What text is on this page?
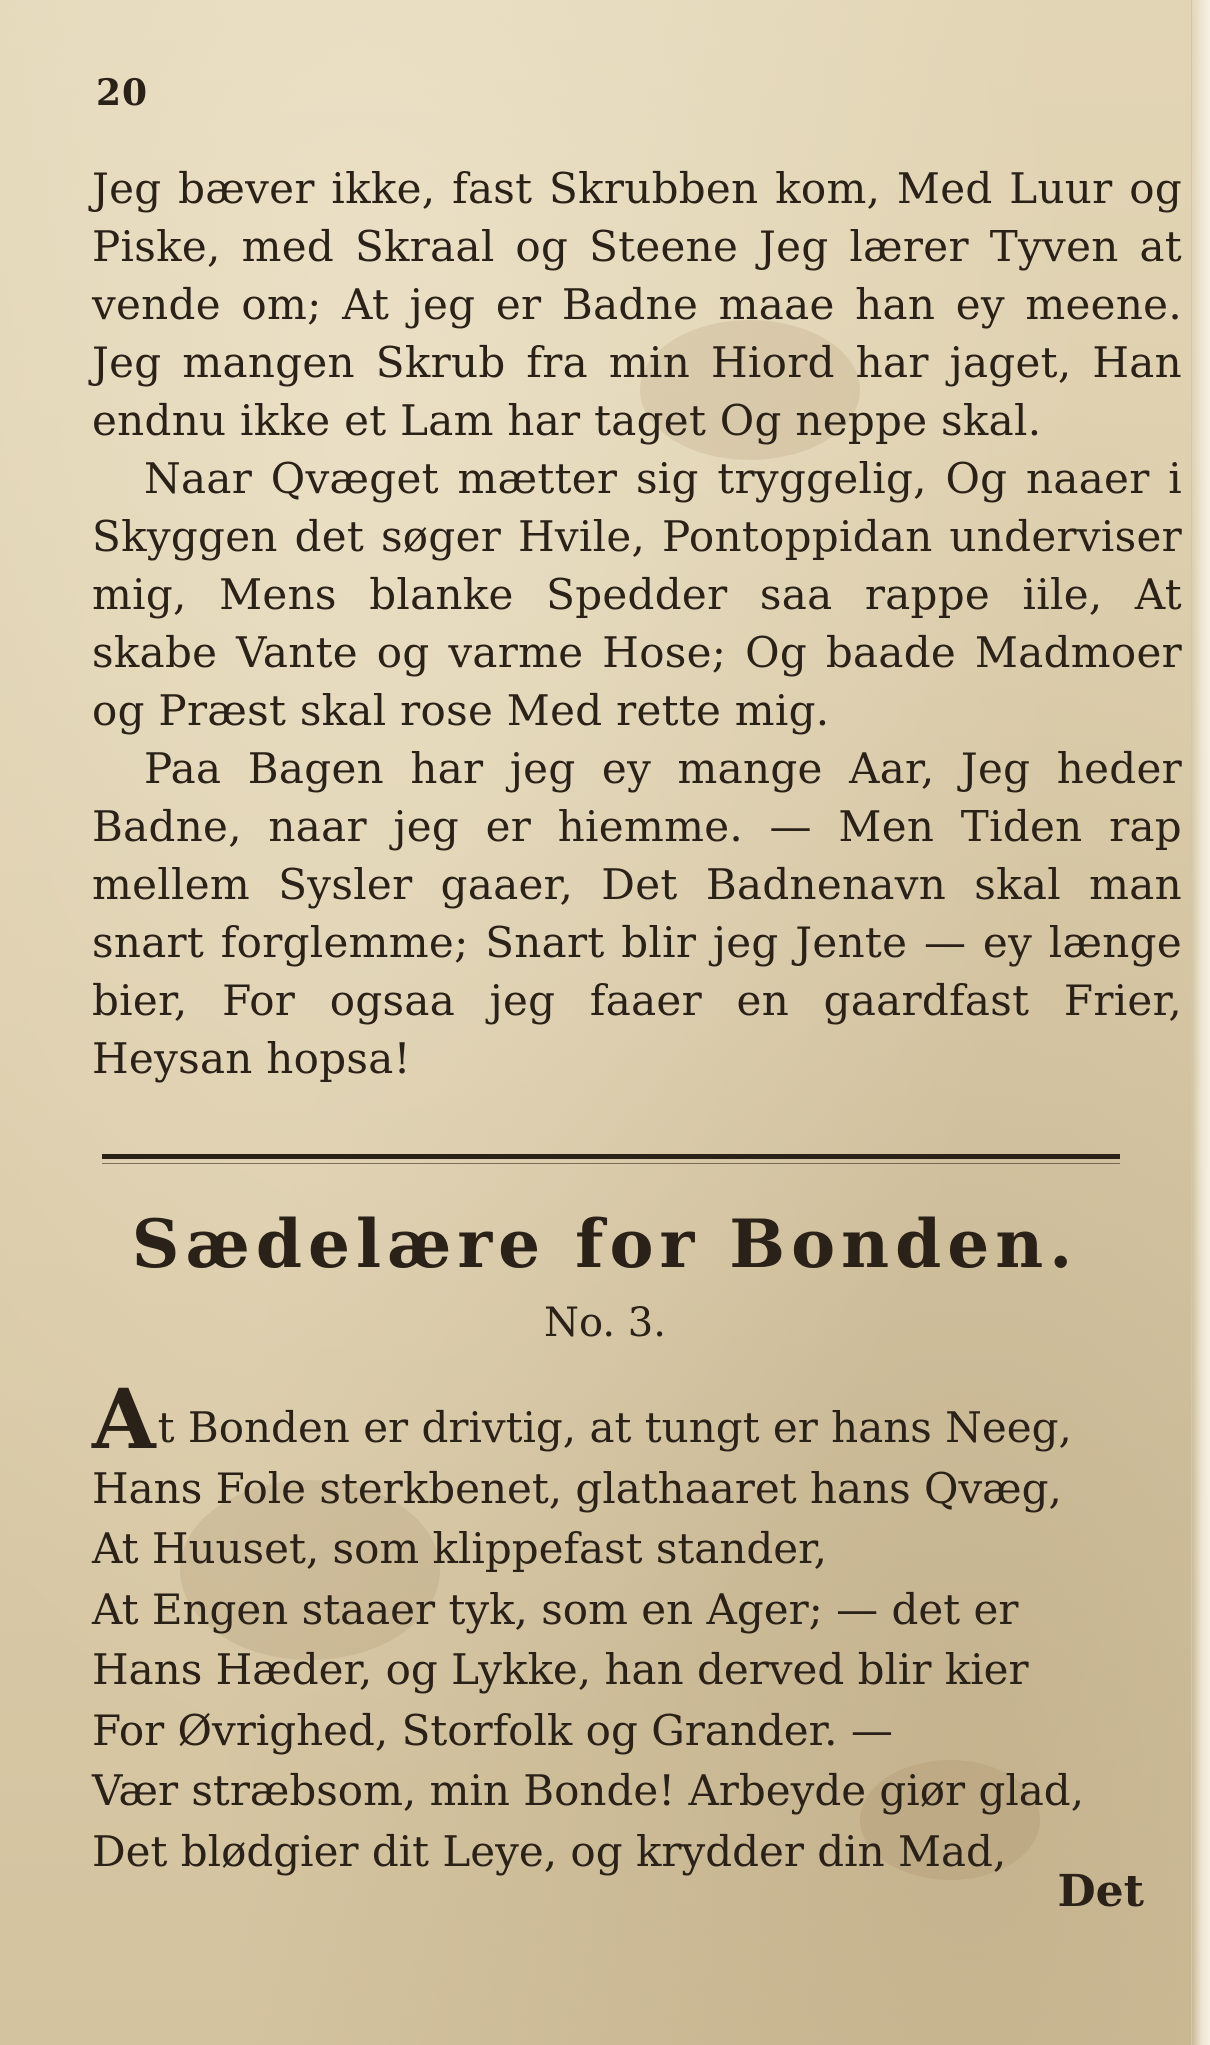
20

Jeg bæver ikke, fast Skrubben kom, Med Luur og Piske, med Skraal og Steene Jeg lærer Tyven at vende om; At jeg er Badne maae han ey meene. Jeg mangen Skrub fra min Hiord har jaget, Han endnu ikke et Lam har taget Og neppe skal.

Naar Qvæget mætter sig tryggelig, Og naaer i Skyggen det søger Hvile, Pontoppidan underviser mig, Mens blanke Spedder saa rappe iile, At skabe Vante og varme Hose; Og baade Madmoer og Præst skal rose Med rette mig.

Paa Bagen har jeg ey mange Aar, Jeg heder Badne, naar jeg er hiemme. — Men Tiden rap mellem Sysler gaaer, Det Badnenavn skal man snart forglemme; Snart blir jeg Jente — ey længe bier, For ogsaa jeg faaer en gaardfast Frier, Heysan hopsa!

Sædelære for Bonden.

No. 3.

At Bonden er drivtig, at tungt er hans Neeg,
Hans Fole sterkbenet, glathaaret hans Qvæg,
At Huuset, som klippefast stander,
At Engen staaer tyk, som en Ager; — det er
Hans Hæder, og Lykke, han derved blir kier
For Øvrighed, Storfolk og Grander. —
Vær stræbsom, min Bonde! Arbeyde giør glad,
Det blødgier dit Leye, og krydder din Mad,

Det
